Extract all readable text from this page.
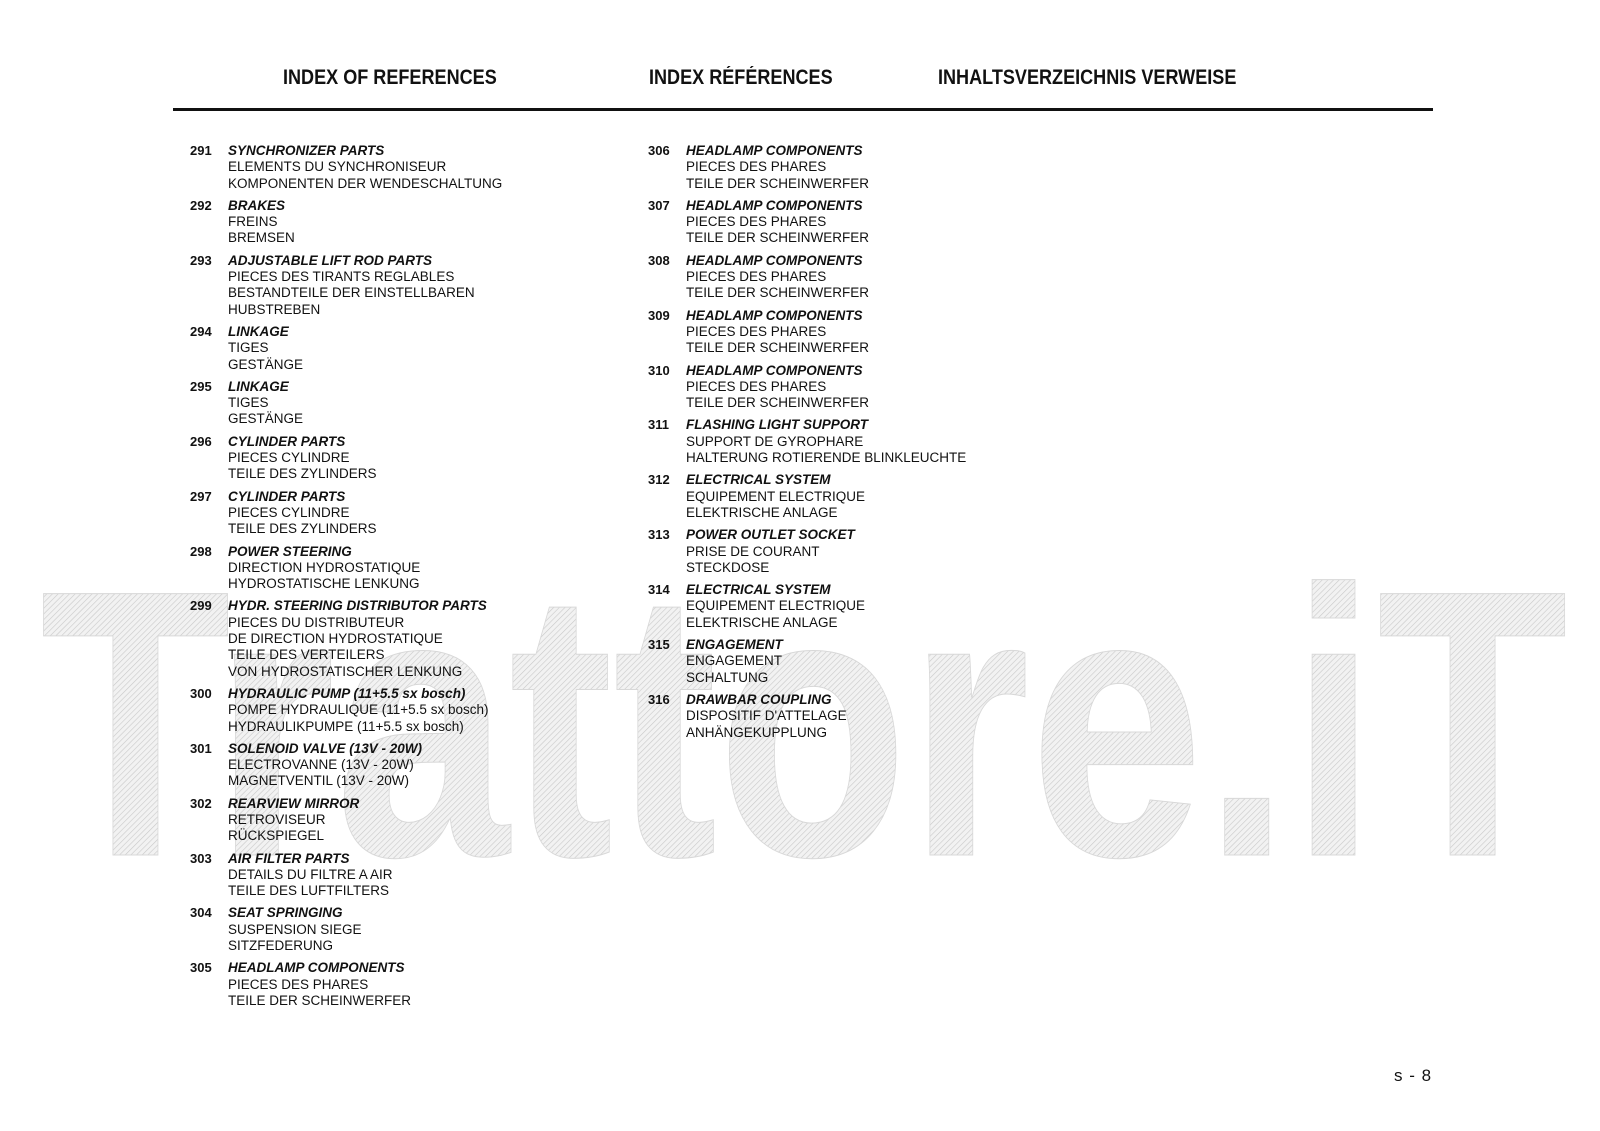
Trattore.iT
INDEX OF REFERENCES	INDEX RÉFÉRENCES	INHALTSVERZEICHNIS VERWEISE
291	SYNCHRONIZER PARTS
ELEMENTS DU SYNCHRONISEUR
KOMPONENTEN DER WENDESCHALTUNG
292	BRAKES
FREINS
BREMSEN
293	ADJUSTABLE LIFT ROD PARTS
PIECES DES TIRANTS REGLABLES
BESTANDTEILE DER EINSTELLBAREN
HUBSTREBEN
294	LINKAGE
TIGES
GESTÄNGE
295	LINKAGE
TIGES
GESTÄNGE
296	CYLINDER PARTS
PIECES CYLINDRE
TEILE DES ZYLINDERS
297	CYLINDER PARTS
PIECES CYLINDRE
TEILE DES ZYLINDERS
298	POWER STEERING
DIRECTION HYDROSTATIQUE
HYDROSTATISCHE LENKUNG
299	HYDR. STEERING DISTRIBUTOR PARTS
PIECES DU DISTRIBUTEUR
DE DIRECTION HYDROSTATIQUE
TEILE DES VERTEILERS
VON HYDROSTATISCHER LENKUNG
300	HYDRAULIC PUMP (11+5.5 sx bosch)
POMPE HYDRAULIQUE (11+5.5 sx bosch)
HYDRAULIKPUMPE (11+5.5 sx bosch)
301	SOLENOID VALVE (13V - 20W)
ELECTROVANNE (13V - 20W)
MAGNETVENTIL (13V - 20W)
302	REARVIEW MIRROR
RETROVISEUR
RÜCKSPIEGEL
303	AIR FILTER PARTS
DETAILS DU FILTRE A AIR
TEILE DES LUFTFILTERS
304	SEAT SPRINGING
SUSPENSION SIEGE
SITZFEDERUNG
305	HEADLAMP COMPONENTS
PIECES DES PHARES
TEILE DER SCHEINWERFER
306	HEADLAMP COMPONENTS
PIECES DES PHARES
TEILE DER SCHEINWERFER
307	HEADLAMP COMPONENTS
PIECES DES PHARES
TEILE DER SCHEINWERFER
308	HEADLAMP COMPONENTS
PIECES DES PHARES
TEILE DER SCHEINWERFER
309	HEADLAMP COMPONENTS
PIECES DES PHARES
TEILE DER SCHEINWERFER
310	HEADLAMP COMPONENTS
PIECES DES PHARES
TEILE DER SCHEINWERFER
311	FLASHING LIGHT SUPPORT
SUPPORT DE GYROPHARE
HALTERUNG ROTIERENDE BLINKLEUCHTE
312	ELECTRICAL SYSTEM
EQUIPEMENT ELECTRIQUE
ELEKTRISCHE ANLAGE
313	POWER OUTLET SOCKET
PRISE DE COURANT
STECKDOSE
314	ELECTRICAL SYSTEM
EQUIPEMENT ELECTRIQUE
ELEKTRISCHE ANLAGE
315	ENGAGEMENT
ENGAGEMENT
SCHALTUNG
316	DRAWBAR COUPLING
DISPOSITIF D'ATTELAGE
ANHÄNGEKUPPLUNG
s - 8
